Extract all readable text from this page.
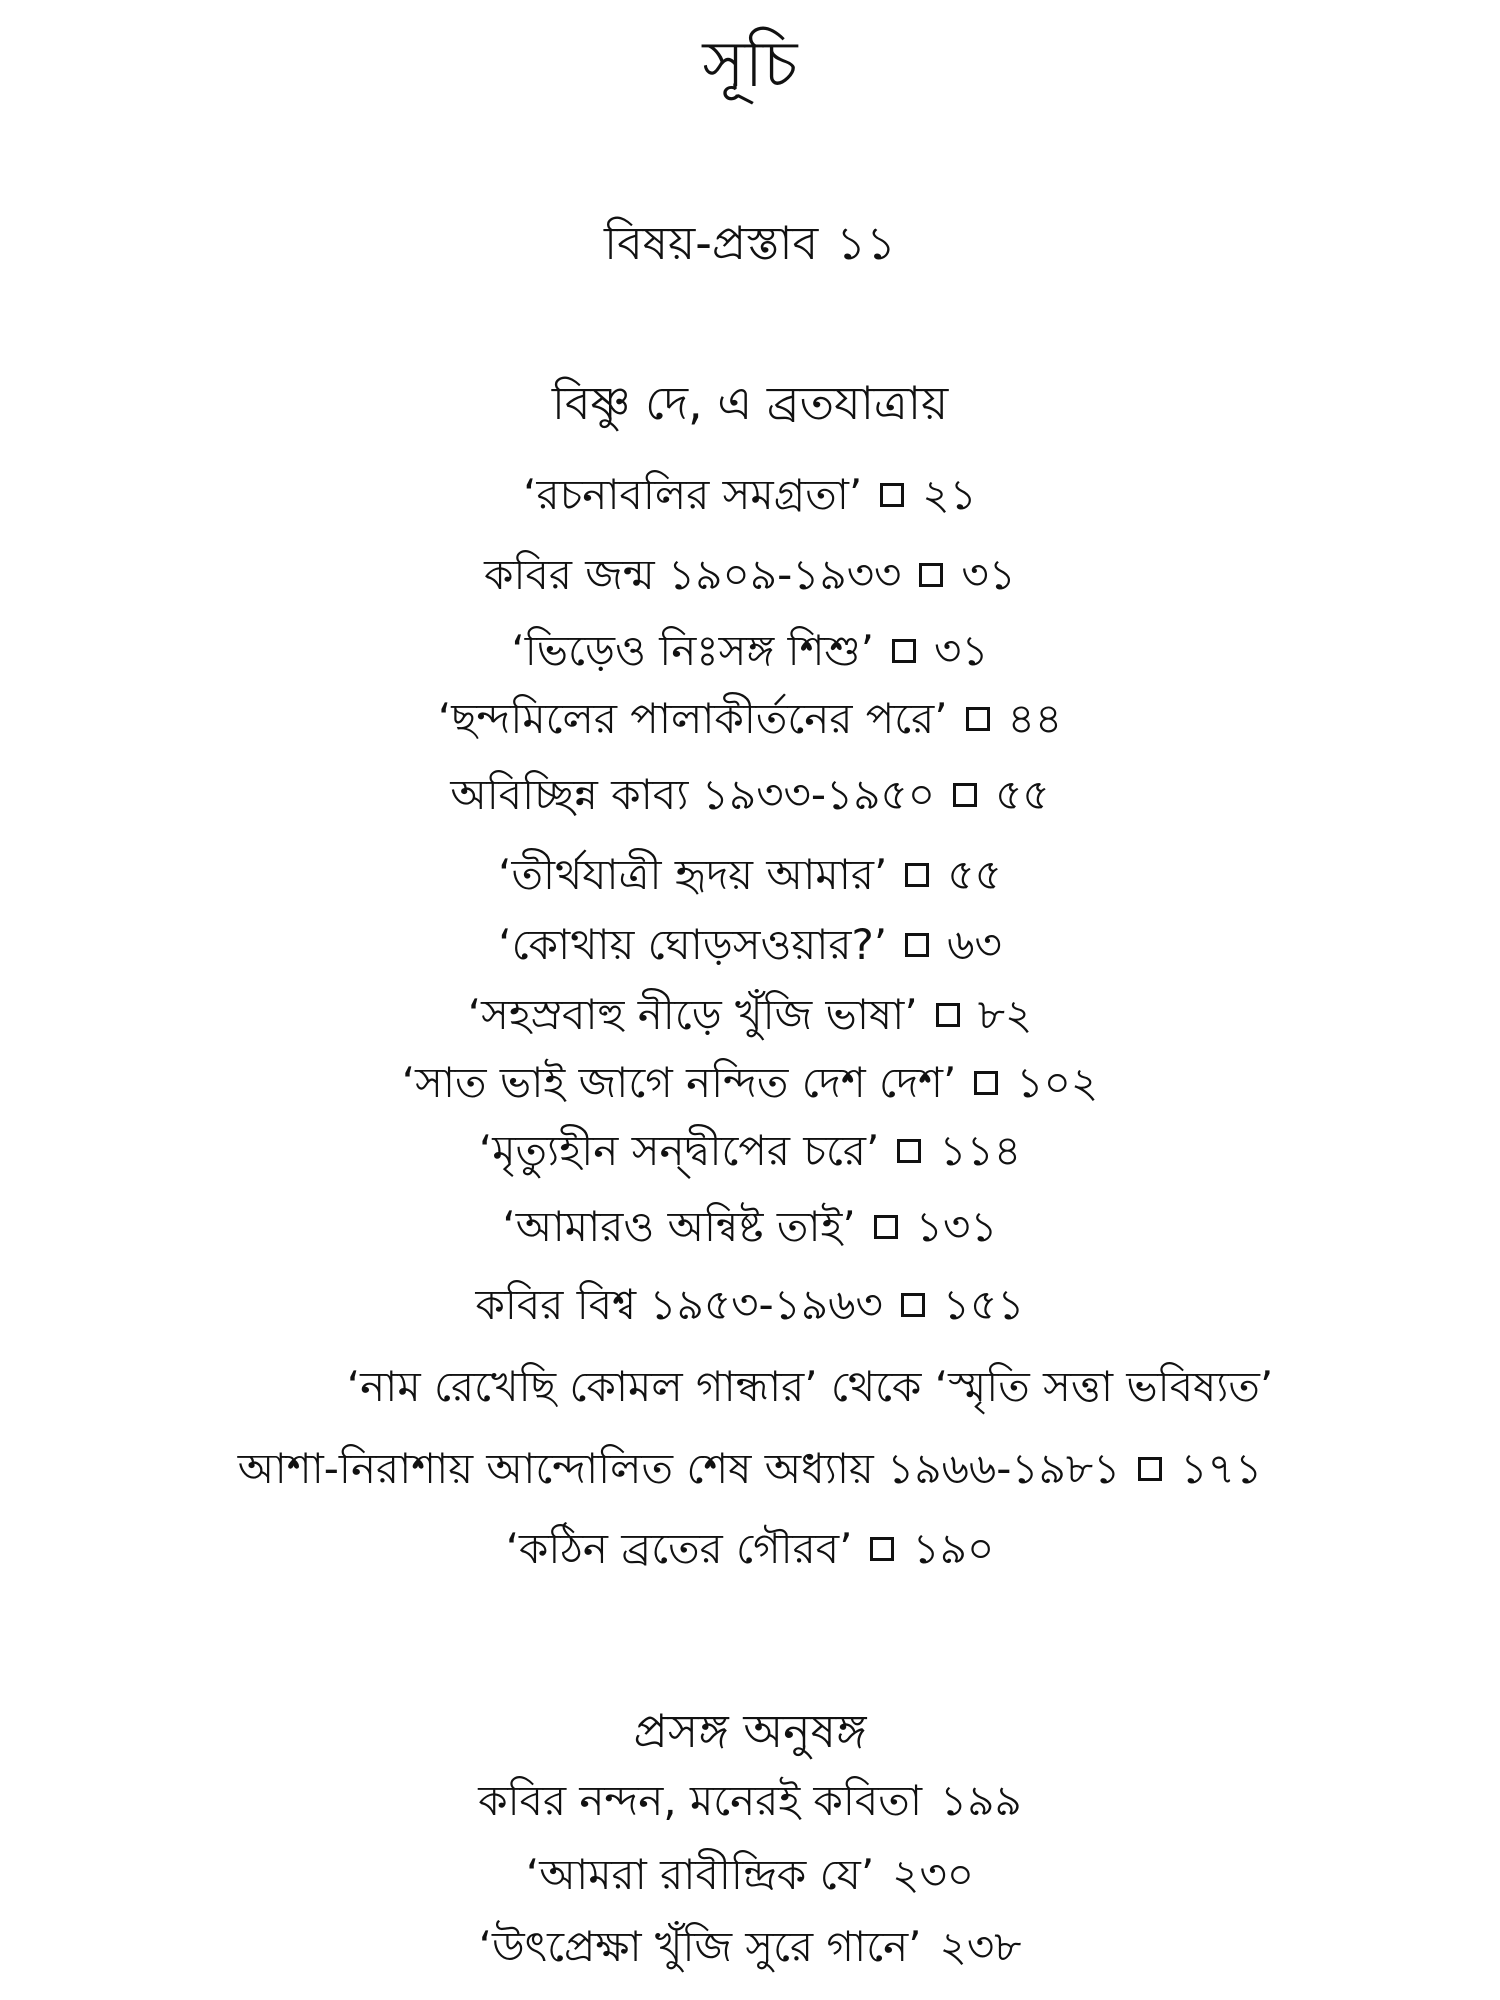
সূচি
বিষয়-প্রস্তাব ১১
বিষ্ণু দে, এ ব্রতযাত্রায়
‘রচনাবলির সমগ্রতা’ ২১
কবির জন্ম ১৯০৯-১৯৩৩ ৩১
‘ভিড়েও নিঃসঙ্গ শিশু’ ৩১
‘ছন্দমিলের পালাকীর্তনের পরে’ ৪৪
অবিচ্ছিন্ন কাব্য ১৯৩৩-১৯৫০ ৫৫
‘তীর্থযাত্রী হৃদয় আমার’ ৫৫
‘কোথায় ঘোড়সওয়ার?’ ৬৩
‘সহস্রবাহু নীড়ে খুঁজি ভাষা’ ৮২
‘সাত ভাই জাগে নন্দিত দেশ দেশ’ ১০২
‘মৃত্যুহীন সন্দ্বীপের চরে’ ১১৪
‘আমারও অন্বিষ্ট তাই’ ১৩১
কবির বিশ্ব ১৯৫৩-১৯৬৩ ১৫১
‘নাম রেখেছি কোমল গান্ধার’ থেকে ‘স্মৃতি সত্তা ভবিষ্যত’
আশা-নিরাশায় আন্দোলিত শেষ অধ্যায় ১৯৬৬-১৯৮১ ১৭১
‘কঠিন ব্রতের গৌরব’ ১৯০
প্রসঙ্গ অনুষঙ্গ
কবির নন্দন, মনেরই কবিতা ১৯৯
‘আমরা রাবীন্দ্রিক যে’ ২৩০
‘উৎপ্রেক্ষা খুঁজি সুরে গানে’ ২৩৮
